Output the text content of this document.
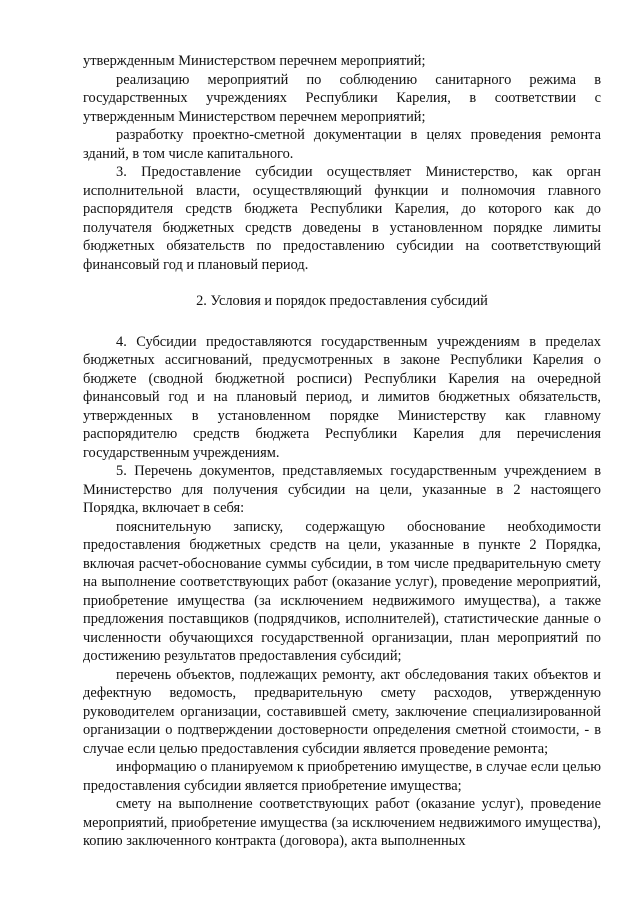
утвержденным Министерством перечнем мероприятий;

реализацию мероприятий по соблюдению санитарного режима в государственных учреждениях Республики Карелия, в соответствии с утвержденным Министерством перечнем мероприятий;

разработку проектно-сметной документации в целях проведения ремонта зданий, в том числе капитального.

3. Предоставление субсидии осуществляет Министерство, как орган исполнительной власти, осуществляющий функции и полномочия главного распорядителя средств бюджета Республики Карелия, до которого как до получателя бюджетных средств доведены в установленном порядке лимиты бюджетных обязательств по предоставлению субсидии на соответствующий финансовый год и плановый период.

2. Условия и порядок предоставления субсидий

4. Субсидии предоставляются государственным учреждениям в пределах бюджетных ассигнований, предусмотренных в законе Республики Карелия о бюджете (сводной бюджетной росписи) Республики Карелия на очередной финансовый год и на плановый период, и лимитов бюджетных обязательств, утвержденных в установленном порядке Министерству как главному распорядителю средств бюджета Республики Карелия для перечисления государственным учреждениям.

5. Перечень документов, представляемых государственным учреждением в Министерство для получения субсидии на цели, указанные в 2 настоящего Порядка, включает в себя:

пояснительную записку, содержащую обоснование необходимости предоставления бюджетных средств на цели, указанные в пункте 2 Порядка, включая расчет-обоснование суммы субсидии, в том числе предварительную смету на выполнение соответствующих работ (оказание услуг), проведение мероприятий, приобретение имущества (за исключением недвижимого имущества), а также предложения поставщиков (подрядчиков, исполнителей), статистические данные о численности обучающихся государственной организации, план мероприятий по достижению результатов предоставления субсидий;

перечень объектов, подлежащих ремонту, акт обследования таких объектов и дефектную ведомость, предварительную смету расходов, утвержденную руководителем организации, составившей смету, заключение специализированной организации о подтверждении достоверности определения сметной стоимости, - в случае если целью предоставления субсидии является проведение ремонта;

информацию о планируемом к приобретению имуществе, в случае если целью предоставления субсидии является приобретение имущества;

смету на выполнение соответствующих работ (оказание услуг), проведение мероприятий, приобретение имущества (за исключением недвижимого имущества), копию заключенного контракта (договора), акта выполненных
